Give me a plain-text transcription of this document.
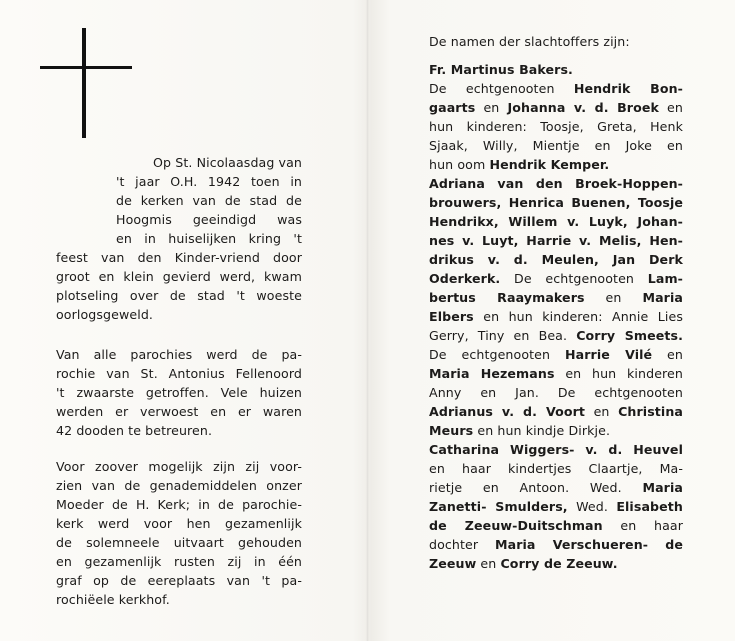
Op St. Nicolaasdag van
't jaar O.H. 1942 toen in
de kerken van de stad de
Hoogmis geeindigd was
en in huiselijken kring 't
feest van den Kinder-vriend door
groot en klein gevierd werd, kwam
plotseling over de stad 't woeste
oorlogsgeweld.
Van alle parochies werd de pa-
rochie van St. Antonius Fellenoord
't zwaarste getroffen. Vele huizen
werden er verwoest en er waren
42 dooden te betreuren.
Voor zoover mogelijk zijn zij voor-
zien van de genademiddelen onzer
Moeder de H. Kerk; in de parochie-
kerk werd voor hen gezamenlijk
de solemneele uitvaart gehouden
en gezamenlijk rusten zij in één
graf op de eereplaats van 't pa-
rochiëele kerkhof.
De namen der slachtoffers zijn:
Fr. Martinus Bakers.
De echtgenooten Hendrik Bon-
gaarts en Johanna v. d. Broek en
hun kinderen: Toosje, Greta, Henk
Sjaak, Willy, Mientje en Joke en
hun oom Hendrik Kemper.
Adriana van den Broek-Hoppen-
brouwers, Henrica Buenen, Toosje
Hendrikx, Willem v. Luyk, Johan-
nes v. Luyt, Harrie v. Melis, Hen-
drikus v. d. Meulen, Jan Derk
Oderkerk. De echtgenooten Lam-
bertus Raaymakers en Maria
Elbers en hun kinderen: Annie Lies
Gerry, Tiny en Bea. Corry Smeets.
De echtgenooten Harrie Vilé en
Maria Hezemans en hun kinderen
Anny en Jan. De echtgenooten
Adrianus v. d. Voort en Christina
Meurs en hun kindje Dirkje.
Catharina Wiggers- v. d. Heuvel
en haar kindertjes Claartje, Ma-
rietje en Antoon. Wed. Maria
Zanetti- Smulders, Wed. Elisabeth
de Zeeuw-Duitschman en haar
dochter Maria Verschueren- de
Zeeuw en Corry de Zeeuw.
